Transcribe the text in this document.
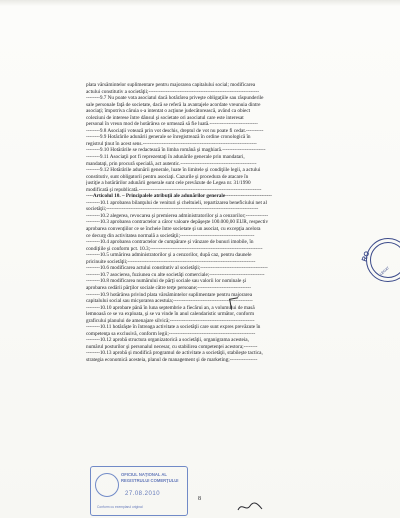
plata vărsămintelor suplimentare pentru majorarea capitalului social; modificarea
actului constitutiv a societăţii;----------------------------------------------------------------
--------9.7 Nu poate vota asociatul dacă hotărârea priveşte obligaţiile sau răspunderile
sale personale faţă de societate, dacă se referă la avantajele acordate vreunuia dintre
asociaţi; împotriva căruia s-a intentat o acţiune judecătorească, având ca obiect
coleziuni de interese între dânsul şi societate ori asociatul care este interesat
personal în vreun mod de hotărârea ce urmează să fie luată.----------------------------
--------9.8 Asociaţii votează prin vot deschis, dreptul de vot nu poate fi cedat.----------
--------9.9 Hotărârile adunării generale se înregistrează în ordine cronologică în
registrul ţinut în acest sens.------------------------------------------------------------------
--------9.10 Hotărârile se redactează în limba română şi maghiară.-------------------------
--------9.11 Asociaţii pot fi reprezentaţi în adunările generale prin mandatari,
mandataţi, prin procură specială, act autentic.--------------------------------------------
--------9.12 Hotărârile adunării generale, luate în limitele şi condiţiile legii, a actului
constitutiv, sunt obligatorii pentru asociaţi. Cazurile şi procedura de atacare în
justiţie a hotărârilor adunării generale sunt cele prevăzute de Legea nr. 31/1990
modificată şi republicată.-----------------------------------------------------------------------
----Articolul 10. – Principalele atribuţii ale adunărilor generale---------------------------
--------10.1 aprobarea bilanţului de venituri şi cheltuieli, repartizarea beneficiului net al
societăţii;----------------------------------------------------------------------------------------
--------10.2 alegerea, revocarea şi premierea administratorilor şi a cenzorilor;-------------
--------10.3 aprobarea contractelor a căror valoare depăşeşte 100.000,00 EUR, respectiv
aprobarea convenţiilor ce se încheie între societate şi un asociat, cu excepţia acelora
ce decurg din activitatea normală a societăţii;-------------------------------------------
--------10.4 aprobarea contractelor de cumpărare şi vânzare de bunuri imobile, în
condiţiile şi conform pct. 10.3;-----------------------------------------------------------------
--------10.5 urmărirea administratorilor şi a cenzorilor, după caz, pentru daunele
pricinuite societăţii;--------------------------------------------------------------------------
--------10.6 modificarea actului constitutiv al societăţii;---------------------------------------
--------10.7 asocierea, fuziunea cu alte societăţi comerciale;--------------------------------
--------10.8 modificarea numărului de părţi sociale sau valorii lor nominale şi
aprobarea cedării părţilor sociale către terţe persoane;-------------------------------
--------10.9 hotărârea privind plata vărsămintelor suplimentare pentru majorarea
capitalului social sau micşorarea acestuia;----------------------------------------------
--------10.10 aprobare până în luna septembrie a fiecărui an, a volumului de masă
lemnoasă ce se va exploata, şi se va vinde în anul calendaristic următor, conform
graficului planului de amenajare silvică;-------------------------------------------------
--------10.11 hotărăşte în întreaga activitate a societăţii care sunt expres prevăzute în
competenţa sa exclusivă, conform legii;--------------------------------------------------
--------10.12 aprobă structura organizatorică a societăţii, organigrama acesteia,
numărul posturilor şi personalul necesar, cu stabilirea competenţei acestora;--------
--------10.13 aprobă şi modifică programul de activitate a societăţii, stabileşte tactica,
strategia economică acesteia, planul de management şi de marketing;----------------
RO
LEGAT
OFICIUL NAŢIONAL AL
REGISTRULUI COMERŢULUI
27.08.2010
Conform cu exemplarul original
8
